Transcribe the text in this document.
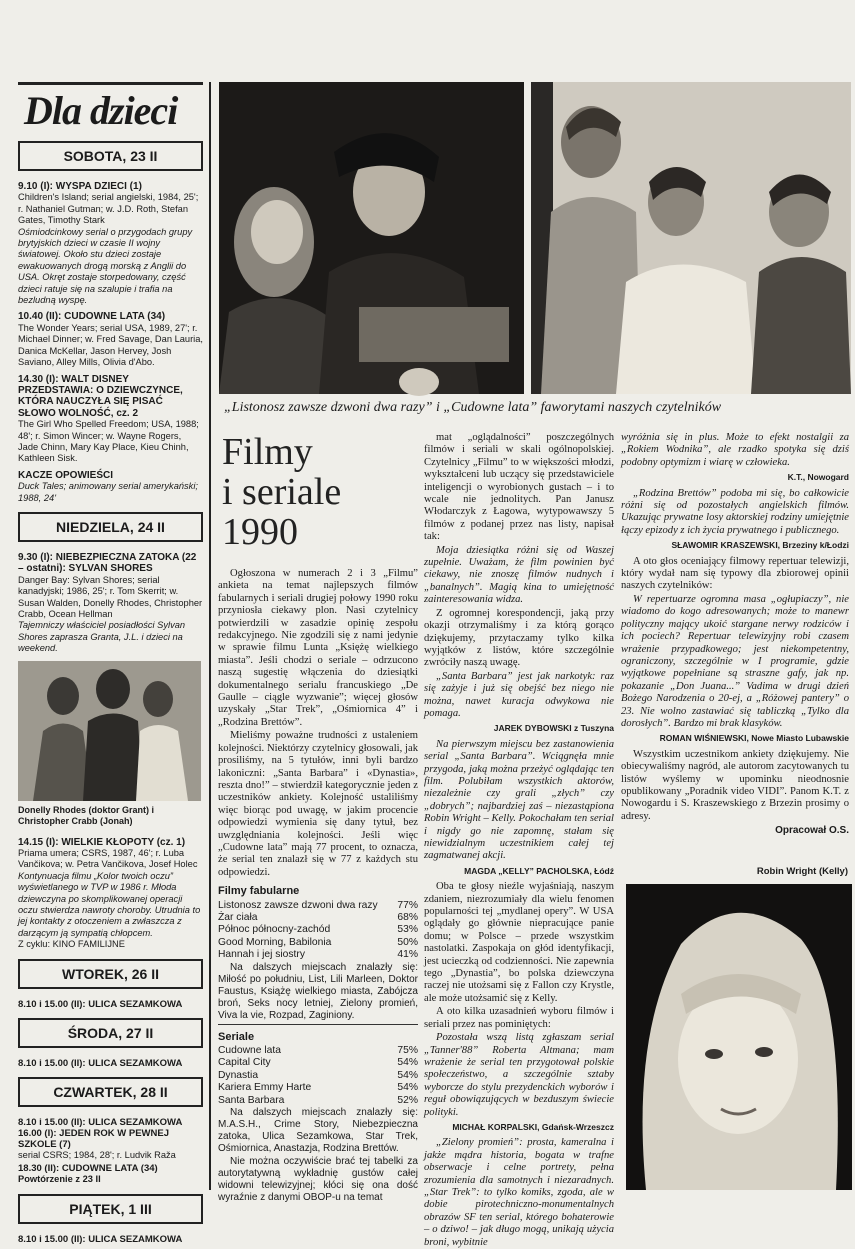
Dla dzieci
SOBOTA, 23 II
9.10 (I): WYSPA DZIECI (1)
Children's Island; serial angielski, 1984, 25'; r. Nathaniel Gutman; w. J.D. Roth, Stefan Gates, Timothy Stark
Ośmiodcinkowy serial o przygodach grupy brytyjskich dzieci w czasie II wojny światowej. Około stu dzieci zostaje ewakuowanych drogą morską z Anglii do USA. Okręt zostaje storpedowany, część dzieci ratuje się na szalupie i trafia na bezludną wyspę.
10.40 (II): CUDOWNE LATA (34)
The Wonder Years; serial USA, 1989, 27'; r. Michael Dinner; w. Fred Savage, Dan Lauria, Danica McKellar, Jason Hervey, Josh Saviano, Alley Mills, Olivia d'Abo.
14.30 (I): WALT DISNEY PRZEDSTAWIA: O DZIEWCZYNCE, KTÓRA NAUCZYŁA SIĘ PISAĆ SŁOWO WOLNOŚĆ, cz. 2
The Girl Who Spelled Freedom; USA, 1988; 48'; r. Simon Wincer; w. Wayne Rogers, Jade Chinn, Mary Kay Place, Kieu Chinh, Kathleen Sisk.
KACZE OPOWIEŚCI
Duck Tales; animowany serial amerykański; 1988, 24'
NIEDZIELA, 24 II
9.30 (I): NIEBEZPIECZNA ZATOKA (22 – ostatni): SYLVAN SHORES
Danger Bay: Sylvan Shores; serial kanadyjski; 1986, 25'; r. Tom Skerrit; w. Susan Walden, Donelly Rhodes, Christopher Crabb, Ocean Hellman
Tajemniczy właściciel posiadłości Sylvan Shores zaprasza Granta, J.L. i dzieci na weekend.
Donelly Rhodes (doktor Grant) i Christopher Crabb (Jonah)
14.15 (I): WIELKIE KŁOPOTY (cz. 1)
Priama umera; CSRS, 1987, 46'; r. Luba Vančikova; w. Petra Vančikova, Josef Holec
Kontynuacja filmu „Kolor twoich oczu” wyświetlanego w TVP w 1986 r. Młoda dziewczyna po skomplikowanej operacji oczu stwierdza nawroty choroby. Utrudnia to jej kontakty z otoczeniem a zwłaszcza z darzącym ją sympatią chłopcem.
Z cyklu: KINO FAMILIJNE
WTOREK, 26 II
8.10 i 15.00 (II): ULICA SEZAMKOWA
ŚRODA, 27 II
8.10 i 15.00 (II): ULICA SEZAMKOWA
CZWARTEK, 28 II
8.10 i 15.00 (II): ULICA SEZAMKOWA
16.00 (I): JEDEN ROK W PEWNEJ SZKOLE (7)
serial CSRS; 1984, 28'; r. Ludvik Raža
18.30 (II): CUDOWNE LATA (34)
Powtórzenie z 23 II
PIĄTEK, 1 III
8.10 i 15.00 (II): ULICA SEZAMKOWA
„Listonosz zawsze dzwoni dwa razy” i „Cudowne lata” faworytami naszych czytelników
Filmy
i seriale
1990

Ogłoszona w numerach 2 i 3 „Filmu” ankieta na temat najlepszych filmów fabularnych i seriali drugiej połowy 1990 roku przyniosła ciekawy plon. Nasi czytelnicy potwierdzili w zasadzie opinię zespołu redakcyjnego. Nie zgodzili się z nami jedynie w sprawie filmu Lunta „Księżę wielkiego miasta”. Jeśli chodzi o seriale – odrzucono naszą sugestię włączenia do dziesiątki dokumentalnego serialu francuskiego „De Gaulle – ciągle wyzwanie”; więcej głosów uzyskały „Star Trek”, „Ośmiornica 4” i „Rodzina Brettów”.

Mieliśmy poważne trudności z ustaleniem kolejności. Niektórzy czytelnicy głosowali, jak prosiliśmy, na 5 tytułów, inni byli bardzo lakoniczni: „Santa Barbara” i «Dynastia», reszta dno!” – stwierdził kategorycznie jeden z uczestników ankiety. Kolejność ustaliliśmy więc biorąc pod uwagę, w jakim procencie odpowiedzi wymienia się dany tytuł, bez uwzględniania kolejności. Jeśli więc „Cudowne lata” mają 77 procent, to oznacza, że serial ten znalazł się w 77 z każdych stu odpowiedzi.

Filmy fabularne
Listonosz zawsze dzwoni dwa razy	77%
Żar ciała	68%
Północ północny-zachód	53%
Good Morning, Babilonia	50%
Hannah i jej siostry	41%

Na dalszych miejscach znalazły się: Miłość po południu, List, Lili Marleen, Doktor Faustus, Książę wielkiego miasta, Zabójcza broń, Seks nocy letniej, Zielony promień, Viva la vie, Rozpad, Zaginiony.

Seriale
Cudowne lata	75%
Capital City	54%
Dynastia	54%
Kariera Emmy Harte	54%
Santa Barbara	52%

Na dalszych miejscach znalazły się: M.A.S.H., Crime Story, Niebezpieczna zatoka, Ulica Sezamkowa, Star Trek, Ośmiornica, Anastazja, Rodzina Brettów.

Nie można oczywiście brać tej tabelki za autorytatywną wykładnię gustów całej widowni telewizyjnej; kłóci się ona dość wyraźnie z danymi OBOP-u na temat

mat „oglądalności” poszczególnych filmów i seriali w skali ogólnopolskiej. Czytelnicy „Filmu” to w większości młodzi, wykształceni lub uczący się przedstawiciele inteligencji o wyrobionych gustach – i to wcale nie jednolitych. Pan Janusz Włodarczyk z Łagowa, wytypowawszy 5 filmów z podanej przez nas listy, napisał tak:

Moja dziesiątka różni się od Waszej zupełnie. Uważam, że film powinien być ciekawy, nie znoszę filmów nudnych i „banalnych”. Magią kina to umiejętność zainteresowania widza.

Z ogromnej korespondencji, jaką przy okazji otrzymaliśmy i za którą gorąco dziękujemy, przytaczamy tylko kilka wyjątków z listów, które szczególnie zwróciły naszą uwagę.

„Santa Barbara” jest jak narkotyk: raz się zażyje i już się obejść bez niego nie można, nawet kuracja odwykowa nie pomaga.

JAREK DYBOWSKI z Tuszyna

Na pierwszym miejscu bez zastanowienia serial „Santa Barbara”. Wciągnęła mnie przygoda, jaką można przeżyć oglądając ten film. Polubiłam wszystkich aktorów, niezależnie czy grali „złych” czy „dobrych”; najbardziej zaś – niezastąpiona Robin Wright – Kelly. Pokochałam ten serial i nigdy go nie zapomnę, stałam się niewidzialnym uczestnikiem całej tej zagmatwanej akcji.

MAGDA „KELLY” PACHOLSKA, Łódź

Oba te głosy nieźle wyjaśniają, naszym zdaniem, niezrozumiały dla wielu fenomen popularności tej „mydlanej opery”. W USA oglądały go głównie niepracujące panie domu; w Polsce – przede wszystkim nastolatki. Zaspokaja on głód identyfikacji, jest ucieczką od codzienności. Nie zapewnia tego „Dynastia”, bo polska dziewczyna raczej nie utożsami się z Fallon czy Krystle, ale może utożsamić się z Kelly.

A oto kilka uzasadnień wyboru filmów i seriali przez nas pominiętych:

Pozostała wszą listą zgłaszam serial „Tanner'88” Roberta Altmana; mam wrażenie że serial ten przygotował polskie społeczeństwo, a szczególnie sztaby wyborcze do stylu prezydenckich wyborów i reguł obowiązujących w bezduszym świecie polityki.

MICHAŁ KORPALSKI, Gdańsk-Wrzeszcz

„Zielony promień”: prosta, kameralna i jakże mądra historia, bogata w trafne obserwacje i celne portrety, pełna zrozumienia dla samotnych i niezaradnych. „Star Trek”: to tylko komiks, zgoda, ale w dobie pirotechniczno-monumentalnych obrazów SF ten serial, którego bohaterowie – o dziwo! – jak długo mogą, unikają użycia broni, wybitnie

wyróżnia się in plus. Może to efekt nostalgii za „Rokiem Wodnika”, ale rzadko spotyka się dziś podobny optymizm i wiarę w człowieka.

K.T., Nowogard

„Rodzina Brettów” podoba mi się, bo całkowicie różni się od pozostałych angielskich filmów. Ukazując prywatne losy aktorskiej rodziny umiejętnie łączy epizody z ich życia prywatnego i publicznego.

SŁAWOMIR KRASZEWSKI, Brzeziny k/Łodzi

A oto głos oceniający filmowy repertuar telewizji, który wydał nam się typowy dla zbiorowej opinii naszych czytelników:

W repertuarze ogromna masa „ogłupiaczy”, nie wiadomo do kogo adresowanych; może to manewr polityczny mający ukoić stargane nerwy rodziców i ich pociech? Repertuar telewizyjny robi czasem wrażenie przypadkowego; jest niekompetentny, ograniczony, szczególnie w I programie, gdzie wyjątkowe popełniane są straszne gafy, jak np. pokazanie „Don Juana...” Vadima w drugi dzień Bożego Narodzenia o 20-ej, a „Różowej pantery” o 23. Nie wolno zastawiać się tabliczką „Tylko dla dorosłych”. Bardzo mi brak klasyków.

ROMAN WIŚNIEWSKI, Nowe Miasto Lubawskie

Wszystkim uczestnikom ankiety dziękujemy. Nie obiecywaliśmy nagród, ale autorom zacytowanych tu listów wyślemy w upominku nieodnosnie opublikowany „Poradnik video VIDI”. Panom K.T. z Nowogardu i S. Kraszewskiego z Brzezin prosimy o adresy.

Opracował O.S.
Robin Wright (Kelly)
